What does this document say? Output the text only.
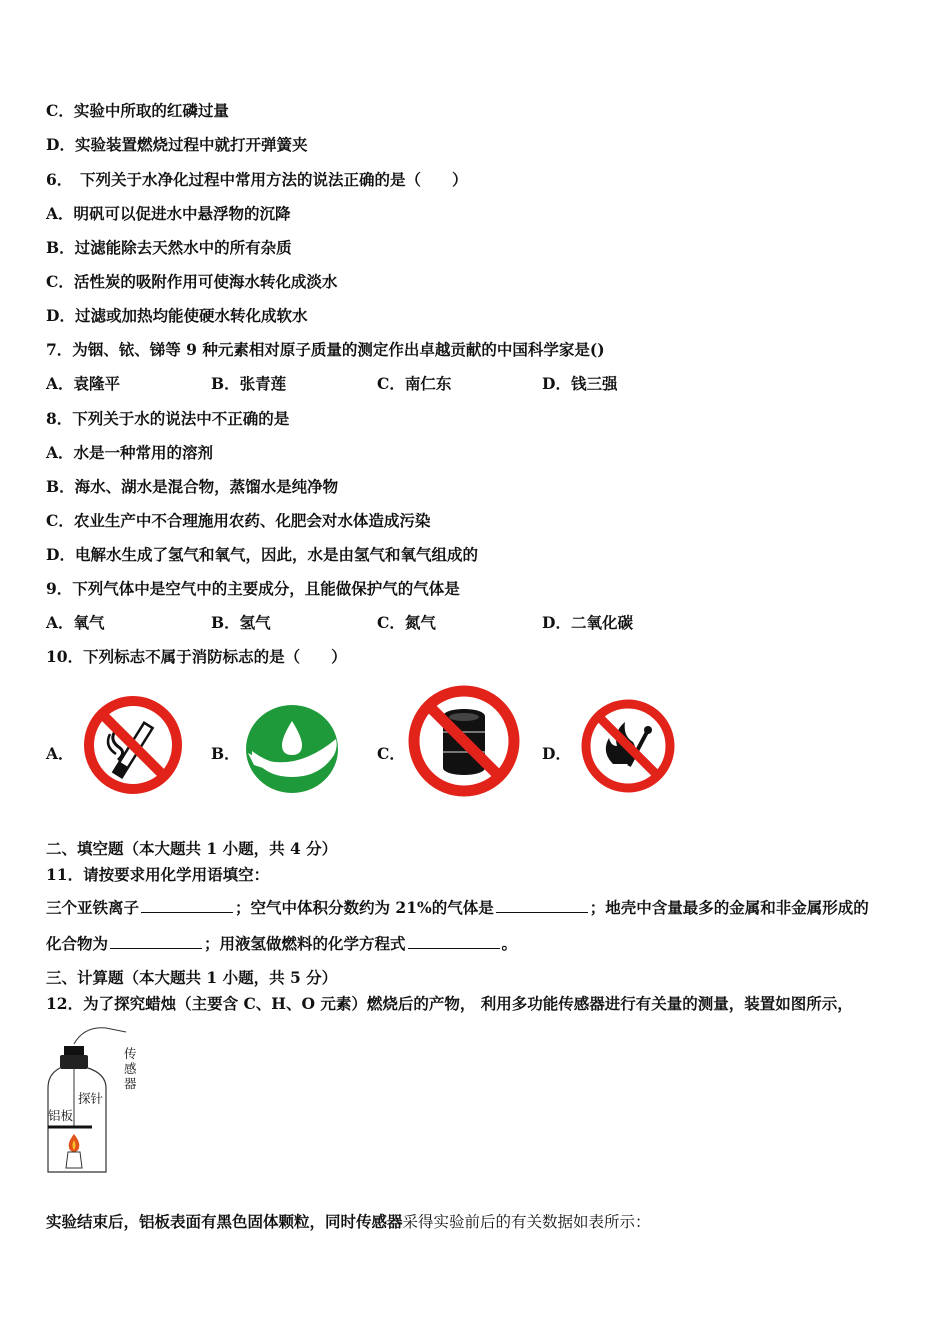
C．实验中所取的红磷过量
D．实验装置燃烧过程中就打开弹簧夹
6．　下列关于水净化过程中常用方法的说法正确的是（　　）
A．明矾可以促进水中悬浮物的沉降
B．过滤能除去天然水中的所有杂质
C．活性炭的吸附作用可使海水转化成淡水
D．过滤或加热均能使硬水转化成软水
7．为铟、铱、锑等 9 种元素相对原子质量的测定作出卓越贡献的中国科学家是()
A．袁隆平	B．张青莲	C．南仁东	D．钱三强
8．下列关于水的说法中不正确的是
A．水是一种常用的溶剂
B．海水、湖水是混合物，蒸馏水是纯净物
C．农业生产中不合理施用农药、化肥会对水体造成污染
D．电解水生成了氢气和氧气，因此，水是由氢气和氧气组成的
9．下列气体中是空气中的主要成分，且能做保护气的气体是
A．氧气	B．氢气	C．氮气	D．二氧化碳
10．下列标志不属于消防标志的是（　　）
A．	B．	C．	D．
二、填空题（本大题共 1 小题，共 4 分）
11．请按要求用化学用语填空：
三个亚铁离子	；空气中体积分数约为 21%的气体是	；地壳中含量最多的金属和非金属形成的
化合物为	；用液氢做燃料的化学方程式	。
三、计算题（本大题共 1 小题，共 5 分）
12．为了探究蜡烛（主要含 C、H、O 元素）燃烧后的产物， 利用多功能传感器进行有关量的测量，装置如图所示，
传
感
器
探针
铝板
实验结束后，铝板表面有黑色固体颗粒，同时传感器采得实验前后的有关数据如表所示：
